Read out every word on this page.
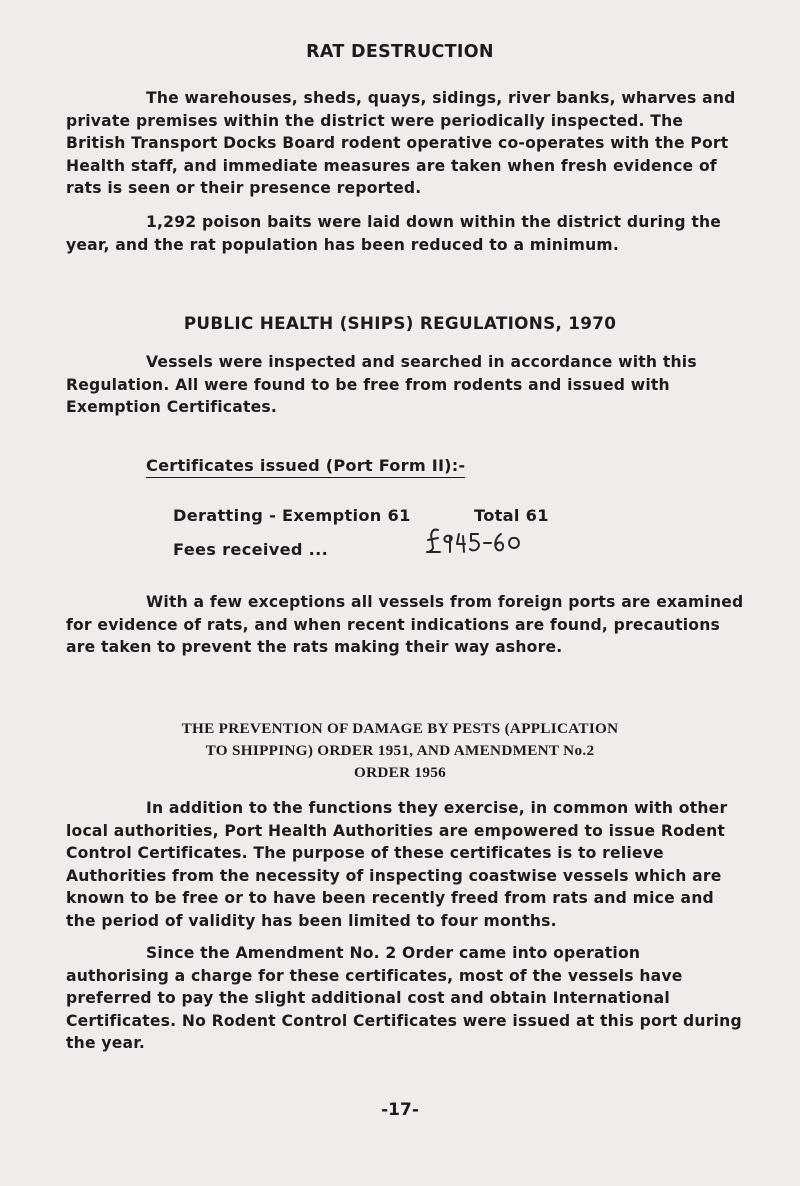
RAT DESTRUCTION

The warehouses, sheds, quays, sidings, river banks, wharves and private premises within the district were periodically inspected. The British Transport Docks Board rodent operative co-operates with the Port Health staff, and immediate measures are taken when fresh evidence of rats is seen or their presence reported.

1,292 poison baits were laid down within the district during the year, and the rat population has been reduced to a minimum.

PUBLIC HEALTH (SHIPS) REGULATIONS, 1970

Vessels were inspected and searched in accordance with this Regulation. All were found to be free from rodents and issued with Exemption Certificates.

Certificates issued (Port Form II):-

Deratting - Exemption 61	Total 61

Fees received ...

With a few exceptions all vessels from foreign ports are examined for evidence of rats, and when recent indications are found, precautions are taken to prevent the rats making their way ashore.

THE PREVENTION OF DAMAGE BY PESTS (APPLICATION

TO SHIPPING) ORDER 1951, AND AMENDMENT No.2

ORDER 1956

In addition to the functions they exercise, in common with other local authorities, Port Health Authorities are empowered to issue Rodent Control Certificates. The purpose of these certificates is to relieve Authorities from the necessity of inspecting coastwise vessels which are known to be free or to have been recently freed from rats and mice and the period of validity has been limited to four months.

Since the Amendment No. 2 Order came into operation authorising a charge for these certificates, most of the vessels have preferred to pay the slight additional cost and obtain International Certificates. No Rodent Control Certificates were issued at this port during the year.

-17-
